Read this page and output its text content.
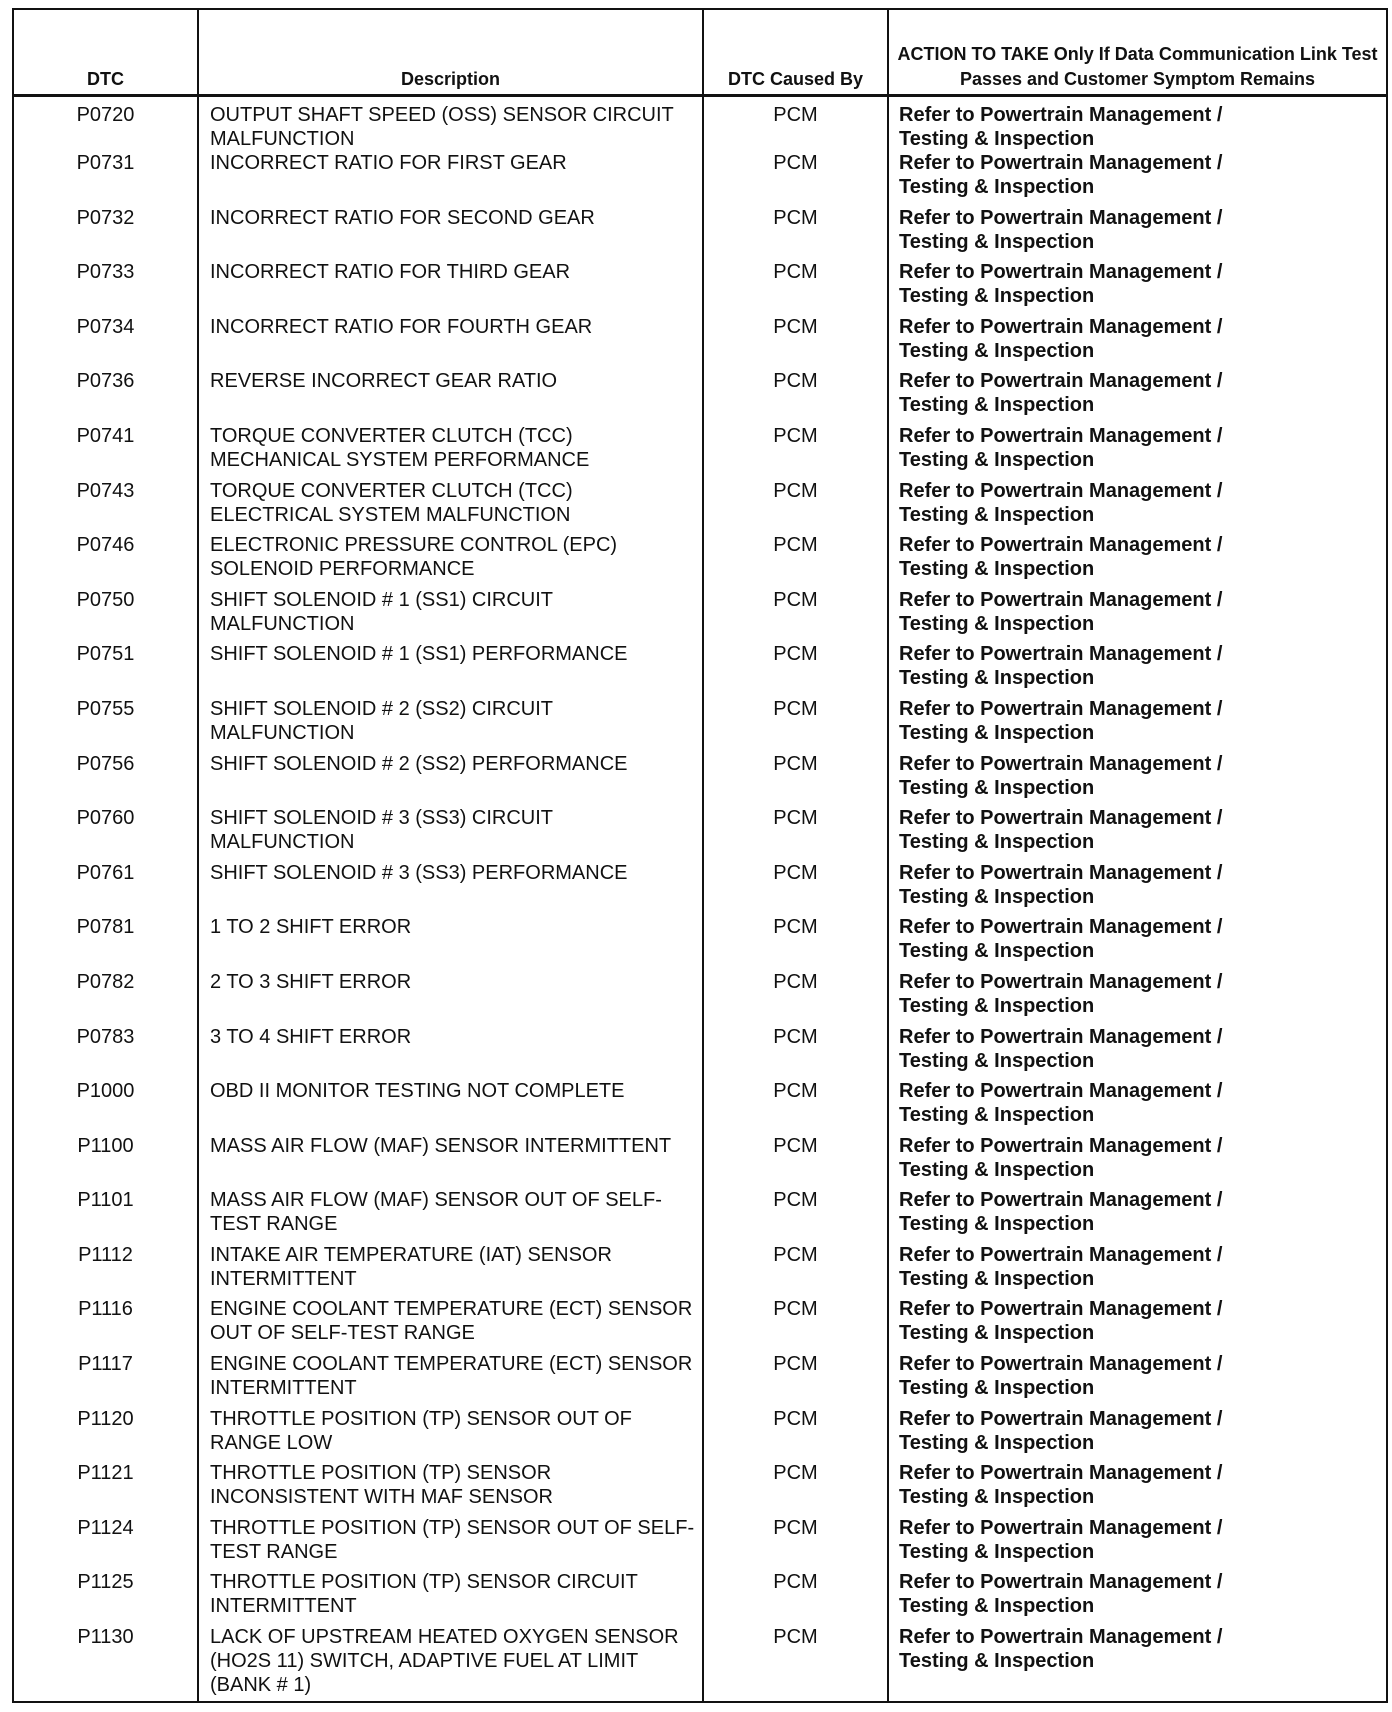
DTC	Description	DTC Caused By	ACTION TO TAKE Only If Data Communication Link Test Passes and Customer Symptom Remains
P0720	OUTPUT SHAFT SPEED (OSS) SENSOR CIRCUIT MALFUNCTION	PCM	Refer to Powertrain Management /
Testing & Inspection

P0731	INCORRECT RATIO FOR FIRST GEAR	PCM	Refer to Powertrain Management /
Testing & Inspection

P0732	INCORRECT RATIO FOR SECOND GEAR	PCM	Refer to Powertrain Management /
Testing & Inspection

P0733	INCORRECT RATIO FOR THIRD GEAR	PCM	Refer to Powertrain Management /
Testing & Inspection

P0734	INCORRECT RATIO FOR FOURTH GEAR	PCM	Refer to Powertrain Management /
Testing & Inspection

P0736	REVERSE INCORRECT GEAR RATIO	PCM	Refer to Powertrain Management /
Testing & Inspection

P0741	TORQUE CONVERTER CLUTCH (TCC) MECHANICAL SYSTEM PERFORMANCE	PCM	Refer to Powertrain Management /
Testing & Inspection

P0743	TORQUE CONVERTER CLUTCH (TCC) ELECTRICAL SYSTEM MALFUNCTION	PCM	Refer to Powertrain Management /
Testing & Inspection

P0746	ELECTRONIC PRESSURE CONTROL (EPC) SOLENOID PERFORMANCE	PCM	Refer to Powertrain Management /
Testing & Inspection

P0750	SHIFT SOLENOID # 1 (SS1) CIRCUIT MALFUNCTION	PCM	Refer to Powertrain Management /
Testing & Inspection

P0751	SHIFT SOLENOID # 1 (SS1) PERFORMANCE	PCM	Refer to Powertrain Management /
Testing & Inspection

P0755	SHIFT SOLENOID # 2 (SS2) CIRCUIT MALFUNCTION	PCM	Refer to Powertrain Management /
Testing & Inspection

P0756	SHIFT SOLENOID # 2 (SS2) PERFORMANCE	PCM	Refer to Powertrain Management /
Testing & Inspection

P0760	SHIFT SOLENOID # 3 (SS3) CIRCUIT MALFUNCTION	PCM	Refer to Powertrain Management /
Testing & Inspection

P0761	SHIFT SOLENOID # 3 (SS3) PERFORMANCE	PCM	Refer to Powertrain Management /
Testing & Inspection

P0781	1 TO 2 SHIFT ERROR	PCM	Refer to Powertrain Management /
Testing & Inspection

P0782	2 TO 3 SHIFT ERROR	PCM	Refer to Powertrain Management /
Testing & Inspection

P0783	3 TO 4 SHIFT ERROR	PCM	Refer to Powertrain Management /
Testing & Inspection

P1000	OBD II MONITOR TESTING NOT COMPLETE	PCM	Refer to Powertrain Management /
Testing & Inspection

P1100	MASS AIR FLOW (MAF) SENSOR INTERMITTENT	PCM	Refer to Powertrain Management /
Testing & Inspection

P1101	MASS AIR FLOW (MAF) SENSOR OUT OF SELF-TEST RANGE	PCM	Refer to Powertrain Management /
Testing & Inspection

P1112	INTAKE AIR TEMPERATURE (IAT) SENSOR INTERMITTENT	PCM	Refer to Powertrain Management /
Testing & Inspection

P1116	ENGINE COOLANT TEMPERATURE (ECT) SENSOR OUT OF SELF-TEST RANGE	PCM	Refer to Powertrain Management /
Testing & Inspection

P1117	ENGINE COOLANT TEMPERATURE (ECT) SENSOR INTERMITTENT	PCM	Refer to Powertrain Management /
Testing & Inspection

P1120	THROTTLE POSITION (TP) SENSOR OUT OF RANGE LOW	PCM	Refer to Powertrain Management /
Testing & Inspection

P1121	THROTTLE POSITION (TP) SENSOR INCONSISTENT WITH MAF SENSOR	PCM	Refer to Powertrain Management /
Testing & Inspection

P1124	THROTTLE POSITION (TP) SENSOR OUT OF SELF-TEST RANGE	PCM	Refer to Powertrain Management /
Testing & Inspection

P1125	THROTTLE POSITION (TP) SENSOR CIRCUIT INTERMITTENT	PCM	Refer to Powertrain Management /
Testing & Inspection

P1130	LACK OF UPSTREAM HEATED OXYGEN SENSOR (HO2S 11) SWITCH, ADAPTIVE FUEL AT LIMIT (BANK # 1)	PCM	Refer to Powertrain Management /
Testing & Inspection
